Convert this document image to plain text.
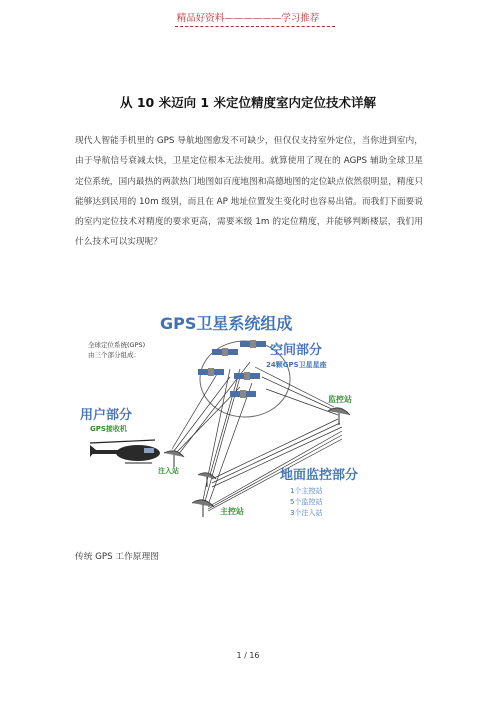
精品好资料——————学习推荐
从 10 米迈向 1 米定位精度室内定位技术详解
现代人智能手机里的 GPS 导航地图愈发不可缺少，但仅仅支持室外定位，当你进到室内，由于导航信号衰减太快，卫星定位根本无法使用。就算使用了现在的 AGPS 辅助全球卫星定位系统，国内最热的两款热门地图如百度地图和高德地图的定位缺点依然很明显，精度只能够达到民用的 10m 级别，而且在 AP 地址位置发生变化时也容易出错。而我们下面要说的室内定位技术对精度的要求更高，需要米级 1m 的定位精度，并能够判断楼层，我们用什么技术可以实现呢？
GPS卫星系统组成
全球定位系统(GPS)
由三个部分组成：	空间部分
24颗GPS卫星星座
用户部分
GPS接收机
监控站
注入站
主控站
地面监控部分
1个主控站
5个监控站
3个注入站
传统 GPS 工作原理图
1 / 16
